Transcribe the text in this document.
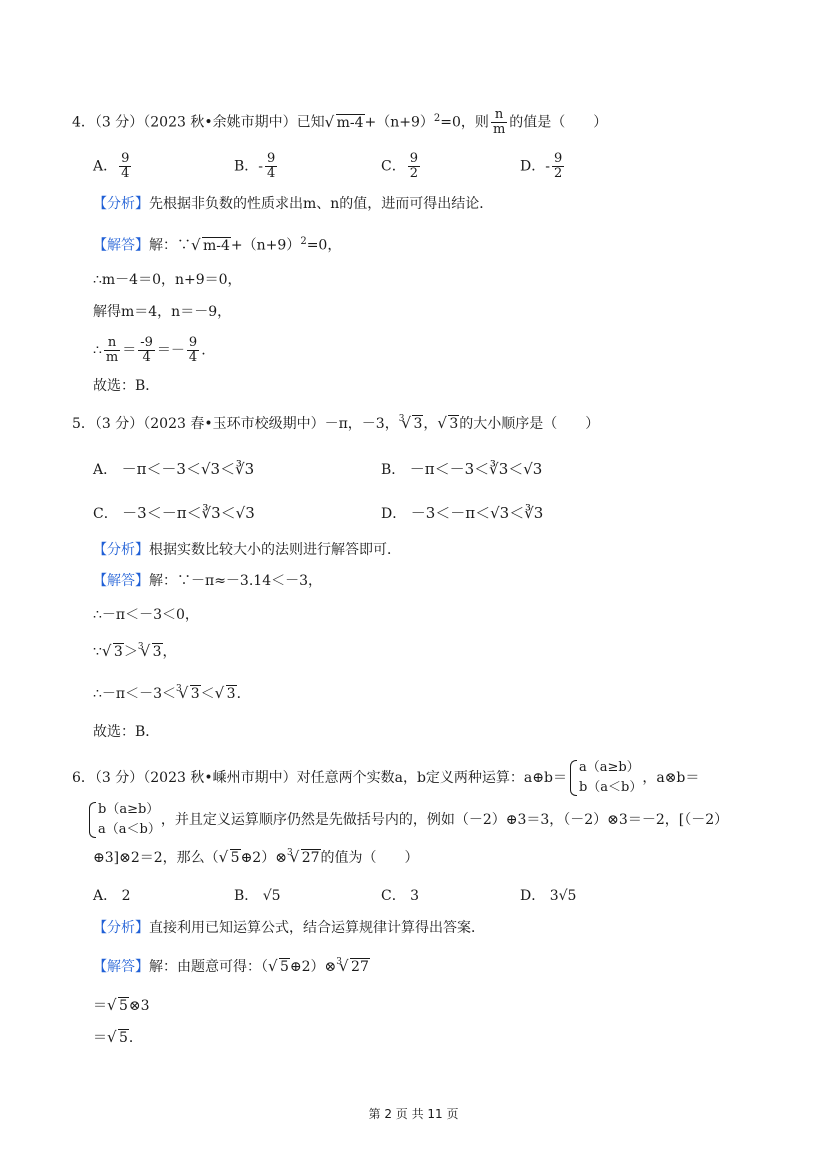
4．（3 分）（2023 秋•余姚市期中）已知 √ $m-4+(n+9)^2=0$，则 $\frac{n}{m}$ 的值是（　　）
A． $\frac{9}{4}$	B．- $\frac{9}{4}$	C． $\frac{9}{2}$	D．- $\frac{9}{2}$
【分析】先根据非负数的性质求出m、n的值，进而可得出结论．
【解答】解：∵ √ $m-4+(n+9)^2=0$，
∴m－4＝0，n+9＝0，
解得m＝4，n＝－9，
∴ $\frac{n}{m} = \frac{-9}{4} =- \frac{9}{4}$ .
故选：B．
5．（3 分）（2023 春•玉环市校级期中）－π，－3，$^3$ √ 3， √ 3的大小顺序是（　　）
A． －π＜－3＜√3＜∛3	B． －π＜－3＜∛3＜√3
C． －3＜－π＜∛3＜√3	D． －3＜－π＜√3＜∛3
【分析】根据实数比较大小的法则进行解答即可．
【解答】解：∵－π≈－3.14＜－3，
∴－π＜－3＜0，
∵ √ 3＞$^3$ √ 3，
∴－π＜－3＜$^3$ √ 3＜ √ 3．
故选：B．
6．（3 分）（2023 秋•嵊州市期中）对任意两个实数a，b定义两种运算：a⊕b＝
a（a≥b）
b（a＜b）
，a⊗b＝
b（a≥b）
a（a＜b）
，并且定义运算顺序仍然是先做括号内的，例如（－2）⊕3＝3，（－2）⊗3＝－2，[（－2）
⊕3]⊗2＝2，那么（ √ 5⊕2）⊗$^3$ √ 27的值为（　　）
A． 2	B． √5	C． 3	D． 3√5
【分析】直接利用已知运算公式，结合运算规律计算得出答案．
【解答】解：由题意可得：（ √ 5⊕2）⊗$^3$ √ 27
＝ √ 5⊗3
＝ √ 5．
第 2 页 共 11 页
